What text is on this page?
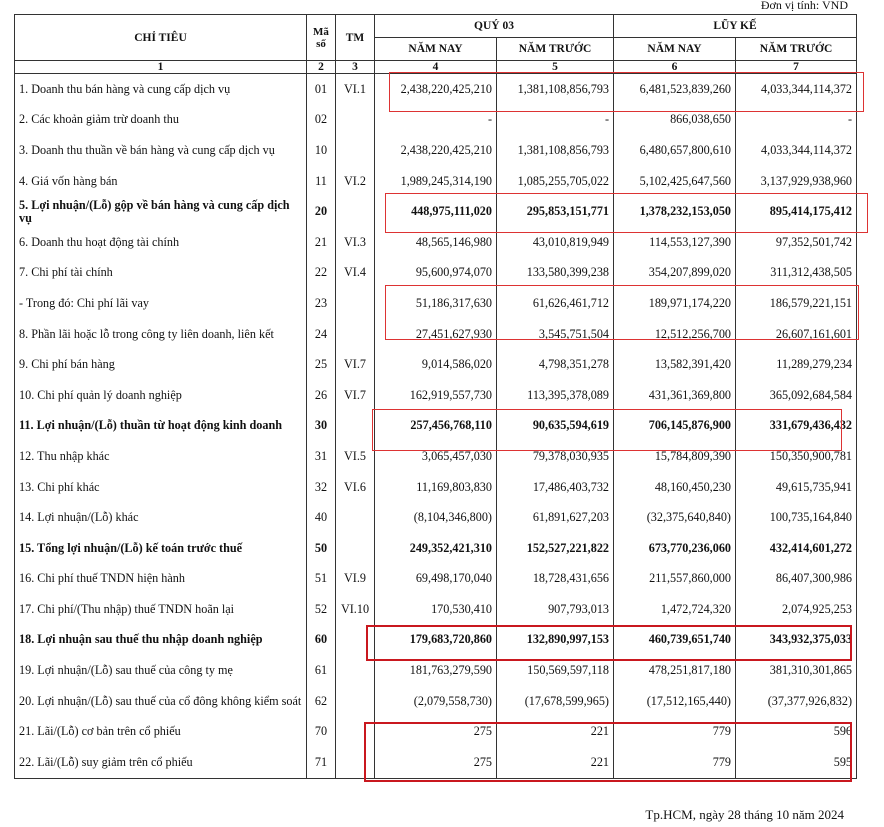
Đơn vị tính: VND
CHỈ TIÊU	Mã số	TM	QUÝ 03		LŨY KẾ	
			NĂM NAY	NĂM TRƯỚC	NĂM NAY	NĂM TRƯỚC
1	2	3	4	5	6	7
1. Doanh thu bán hàng và cung cấp dịch vụ	01	VI.1	2,438,220,425,210	1,381,108,856,793	6,481,523,839,260	4,033,344,114,372
2. Các khoản giảm trừ doanh thu	02		-	-	866,038,650	-
3. Doanh thu thuần về bán hàng và cung cấp dịch vụ	10		2,438,220,425,210	1,381,108,856,793	6,480,657,800,610	4,033,344,114,372
4. Giá vốn hàng bán	11	VI.2	1,989,245,314,190	1,085,255,705,022	5,102,425,647,560	3,137,929,938,960
5. Lợi nhuận/(Lỗ) gộp về bán hàng và cung cấp dịch vụ	20		448,975,111,020	295,853,151,771	1,378,232,153,050	895,414,175,412
6. Doanh thu hoạt động tài chính	21	VI.3	48,565,146,980	43,010,819,949	114,553,127,390	97,352,501,742
7. Chi phí tài chính	22	VI.4	95,600,974,070	133,580,399,238	354,207,899,020	311,312,438,505
- Trong đó: Chi phí lãi vay	23		51,186,317,630	61,626,461,712	189,971,174,220	186,579,221,151
8. Phần lãi hoặc lỗ trong công ty liên doanh, liên kết	24		27,451,627,930	3,545,751,504	12,512,256,700	26,607,161,601
9. Chi phí bán hàng	25	VI.7	9,014,586,020	4,798,351,278	13,582,391,420	11,289,279,234
10. Chi phí quản lý doanh nghiệp	26	VI.7	162,919,557,730	113,395,378,089	431,361,369,800	365,092,684,584
11. Lợi nhuận/(Lỗ) thuần từ hoạt động kinh doanh	30		257,456,768,110	90,635,594,619	706,145,876,900	331,679,436,432
12. Thu nhập khác	31	VI.5	3,065,457,030	79,378,030,935	15,784,809,390	150,350,900,781
13. Chi phí khác	32	VI.6	11,169,803,830	17,486,403,732	48,160,450,230	49,615,735,941
14. Lợi nhuận/(Lỗ) khác	40		(8,104,346,800)	61,891,627,203	(32,375,640,840)	100,735,164,840
15. Tổng lợi nhuận/(Lỗ) kế toán trước thuế	50		249,352,421,310	152,527,221,822	673,770,236,060	432,414,601,272
16. Chi phí thuế TNDN hiện hành	51	VI.9	69,498,170,040	18,728,431,656	211,557,860,000	86,407,300,986
17. Chi phí/(Thu nhập) thuế TNDN hoãn lại	52	VI.10	170,530,410	907,793,013	1,472,724,320	2,074,925,253
18. Lợi nhuận sau thuế thu nhập doanh nghiệp	60		179,683,720,860	132,890,997,153	460,739,651,740	343,932,375,033
19. Lợi nhuận/(Lỗ) sau thuế của công ty mẹ	61		181,763,279,590	150,569,597,118	478,251,817,180	381,310,301,865
20. Lợi nhuận/(Lỗ) sau thuế của cổ đông không kiểm soát	62		(2,079,558,730)	(17,678,599,965)	(17,512,165,440)	(37,377,926,832)
21. Lãi/(Lỗ) cơ bản trên cổ phiếu	70		275	221	779	596
22. Lãi/(Lỗ) suy giảm trên cổ phiếu	71		275	221	779	595
Tp.HCM, ngày 28 tháng 10 năm 2024
